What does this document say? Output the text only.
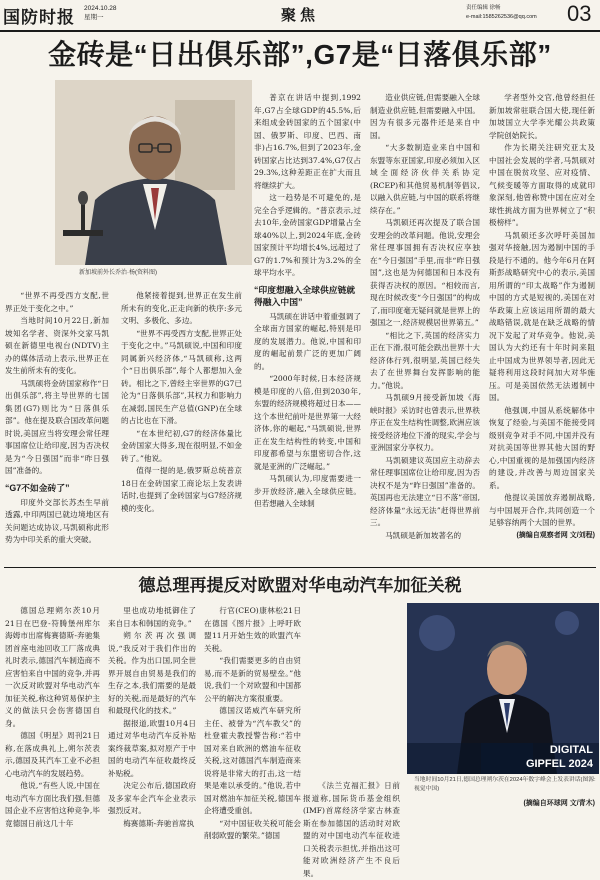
国防时报 2024.10.28
星期一	聚焦	责任编辑 徐畅
e-mail:1585262536@qq.com 03
金砖是“日出俱乐部”,G7是“日落俱乐部”
新加坡前外长乔治·杨(资料图)

“世界不再受西方支配,世界正处于变化之中。”

当地时间10月22日,新加坡知名学者、资深外交家马凯硕在新德里电视台(NDTV)主办的媒体活动上表示,世界正在发生前所未有的变化。

马凯硕将金砖国家称作“日出俱乐部”,将主导世界的七国集团(G7)则比为“日落俱乐部”。他在提及联合国改革问题时说,美国应当将安理会常任理事国席位让给印度,因为否决权是为“今日强国”而非“昨日强国”准备的。

“G7不如金砖了”

印度外交部长苏杰生早前透露,中印两国已就边境地区有关问题达成协议,马凯硕称此形势为中印关系的重大突破。

他紧接着提到,世界正在发生前所未有的变化,正走向新的秩序:多元文明、多极化、多边。

“世界不再受西方支配,世界正处于变化之中。”马凯硕说,中国和印度同属新兴经济体,“马凯硕称,这两个“日出俱乐部”,每个人都想加入金砖。相比之下,曾经主宰世界的G7已沦为“日落俱乐部”,其权力和影响力在减弱,国民生产总值(GNP)在全球的占比也在下滑。

“在本世纪初,G7的经济体量比金砖国家大得多,现在很明显,不如金砖了。”他说。

值得一提的是,俄罗斯总统普京18日在金砖国家工商论坛上发表讲话时,也提到了金砖国家与G7经济规模的变化。

普京在讲话中提到,1992年,G7占全球GDP的45.5%,后来组成金砖国家的五个国家(中国、俄罗斯、印度、巴西、南非)占16.7%,但到了2023年,金砖国家占比达到37.4%,G7仅占29.3%,这种差距正在扩大而且将继续扩大。

这一趋势是不可避免的,是完全合乎逻辑的。“普京表示,过去10年,金砖国家GDP增量占全球40%以上,到2024年底,金砖国家预计平均增长4%,远超过了G7的1.7%和预计为3.2%的全球平均水平。

“印度想融入全球供应链就得融入中国”

马凯硕在讲话中着重强调了全球南方国家的崛起,特别是印度的发展潜力。他说,中国和印度的崛起前景广泛的更加广阔的。

“2000年时候,日本经济规模是印度的八倍,但到2030年,东盟的经济规模将超过日本——这个本世纪前叶是世界第一大经济体,你的崛起,“马凯硕说,世界正在发生结构性的转变,中国和印度都希望与东盟密切合作,这就是亚洲的广泛崛起。”

马凯硕认为,印度需要进一步开放经济,融入全球供应链。但若想融入全球制

造业供应链,但需要融入全球制造业供应链,但需要融入中国。因为有很多元器件还是来自中国。

“大多数制造业来自中国和东盟等东亚国家,印度必须加入区域全面经济伙伴关系协定(RCEP)和其他贸易机制等倡议,以融入供应链,与中国的联系将继续存在。”

马凯硕还再次提及了联合国安理会的改革问题。他说,安理会常任理事国拥有否决权应享独在“今日强国”手里,而非“昨日强国”,这也是为何德国和日本没有获得否决权的原因。“相较而言,现在时候改变“今日强国”的构成了,而印度毫无疑问就是世界上的强国之一,经济规模居世界第五。”

“相比之下,英国的经济实力正在下滑,很可能会跌出世界十大经济体行列,很明显,英国已经失去了在世界舞台发挥影响的能力。”他说。

马凯硕9月接受新加坡《海峡时报》采访时也曾表示,世界秩序正在发生结构性调整,欧洲应该接受经济地位下滑的现实,学会与亚洲国家分享权力。

马凯硕建议英国应主动辞去常任理事国席位让给印度,因为否决权不是为“昨日强国”准备的。英国再也无法建立“日不落”帝国,经济体量“永远无法”赶得世界前三。

马凯硕是新加坡著名的

学者型外交官,他曾经担任新加坡常驻联合国大使,现任新加坡国立大学李光耀公共政策学院创始院长。

作为长期关注研究亚太及中国社会发展的学者,马凯硕对中国在脱贫攻坚、应对疫情、气候变暖等方面取得的成就印象深刻,他曾称赞中国在应对全球性挑战方面为世界树立了“积极榜样”。

马凯硕还多次呼吁美国加强对华接触,因为遏制中国的手段是行不通的。他今年6月在阿斯彭战略研究中心的表示,美国用所谓的“印太战略”作为遏制中国的方式是短视的,美国在对华政策上应该运用所谓的最大战略错误,就是在缺乏战略的情况下发起了对华竞争。他说,美国认为大约还有十年时间来阻止中国成为世界领导者,因此无疑将利用这段时间加大对华施压。可是美国依然无法遏制中国。

他强调,中国从系统解体中恢复了经验,与美国不能接受同级别竞争对手不同,中国并没有对抗美国等世界其他大国的野心,中国重视的是加强国内经济的建设,并改善与周边国家关系。

他提议美国放弃遏制战略,与中国展开合作,共同创造一个足够容纳两个大国的世界。

(摘编自观察者网 文/刘程)
德总理再提反对欧盟对华电动汽车加征关税

德国总理朔尔茨10月21日在巴登-符腾堡州库尔海姆市出席梅赛德斯-奔驰集团首座电池回收工厂落成典礼时表示,德国汽车制造商不应害怕来自中国的竞争,并再一次反对欧盟对华电动汽车加征关税,称这种贸易保护主义的做法只会伤害德国自身。

德国《明星》周刊21日称,在落成典礼上,朔尔茨表示,德国及其汽车工业不必担心电动汽车的发展趋势。

他说,“有些人说,中国在电动汽车方面比我们强,但德国企业不应害怕这种竞争,毕竟德国日前这几十年

里也成功地抵御住了来自日本和韩国的竞争。”

朔尔茨再次强调说,“我反对于我们作出的关税。作为出口国,同全世界开展自由贸易是我们的生存之本,我们需要的是最好的关税,而是最好的汽车和最现代化的技术。”

据报道,欧盟10月4日通过对华电动汽车反补贴案终裁草案,拟对原产于中国的电动汽车征收最终反补贴税。

决定公布后,德国政府及多家车企汽车企业表示强烈反对。

梅赛德斯-奔驰首席执

行官(CEO)康林松21日在德国《图片报》上呼吁欧盟11月开始生效的欧盟汽车关税。

“我们需要更多的自由贸易,而不是新的贸易壁垒。”他说,我们一个对欧盟和中国都公平的解决方案很重要。

德国汉诺威汽车研究所主任、被誉为“汽车教父”的杜登霍夫教授警告称:“若中国对来自欧洲的燃油车征收关税,这对德国汽车制造商来说将是非常大的打击,这一结果是难以承受的。”他说,若中国对燃油车加征关税,德国车企将遭受重创。

“对中国征收关税可能会削弱欧盟的繁荣。”德国

DIGITAL
GIPFEL 2024
当地时间10月21日,德国总理朔尔茨在2024年数字峰会上发表讲话(图源:视觉中国)

《法兰克福汇报》日前报道称,国际货币基金组织(IMF)首席经济学家古林查斯在参加德国的活动时对欧盟的对中国电动汽车征收进口关税表示担忧,并指出这可能对欧洲经济产生不良后果。

(摘编自环球网 文/青木)
